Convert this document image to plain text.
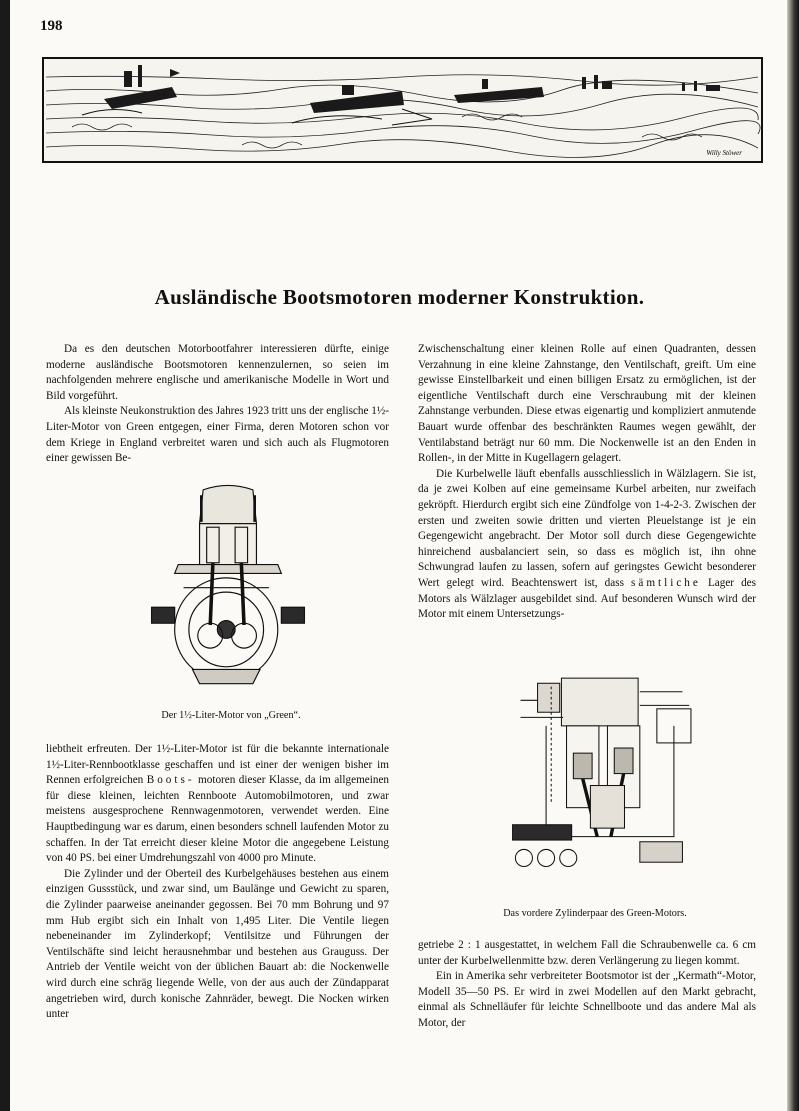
198
Willy Stöwer
Ausländische Bootsmotoren moderner Konstruktion.

Da es den deutschen Motorbootfahrer interessieren dürfte, einige moderne ausländische Bootsmotoren kennenzulernen, so seien im nachfolgenden mehrere englische und amerikanische Modelle in Wort und Bild vorgeführt.

Als kleinste Neukonstruktion des Jahres 1923 tritt uns der englische 1½-Liter-Motor von Green entgegen, einer Firma, deren Motoren schon vor dem Kriege in England verbreitet waren und sich auch als Flugmotoren einer gewissen Be-

Der 1½-Liter-Motor von „Green“.

liebtheit erfreuten. Der 1½-Liter-Motor ist für die bekannte internationale 1½-Liter-Rennbootklasse geschaffen und ist einer der wenigen bisher im Rennen erfolgreichen Boots- motoren dieser Klasse, da im allgemeinen für diese kleinen, leichten Rennboote Automobilmotoren, und zwar meistens ausgesprochene Rennwagenmotoren, verwendet werden. Eine Hauptbedingung war es darum, einen besonders schnell laufenden Motor zu schaffen. In der Tat erreicht dieser kleine Motor die angegebene Leistung von 40 PS. bei einer Umdrehungszahl von 4000 pro Minute.

Die Zylinder und der Oberteil des Kurbelgehäuses bestehen aus einem einzigen Gussstück, und zwar sind, um Baulänge und Gewicht zu sparen, die Zylinder paarweise aneinander gegossen. Bei 70 mm Bohrung und 97 mm Hub ergibt sich ein Inhalt von 1,495 Liter. Die Ventile liegen nebeneinander im Zylinderkopf; Ventilsitze und Führungen der Ventilschäfte sind leicht herausnehmbar und bestehen aus Grauguss. Der Antrieb der Ventile weicht von der üblichen Bauart ab: die Nockenwelle wird durch eine schräg liegende Welle, von der aus auch der Zündapparat angetrieben wird, durch konische Zahnräder, bewegt. Die Nocken wirken unter

Zwischenschaltung einer kleinen Rolle auf einen Quadranten, dessen Verzahnung in eine kleine Zahnstange, den Ventilschaft, greift. Um eine gewisse Einstellbarkeit und einen billigen Ersatz zu ermöglichen, ist der eigentliche Ventilschaft durch eine Verschraubung mit der kleinen Zahnstange verbunden. Diese etwas eigenartig und kompliziert anmutende Bauart wurde offenbar des beschränkten Raumes wegen gewählt, der Ventilabstand beträgt nur 60 mm. Die Nockenwelle ist an den Enden in Rollen-, in der Mitte in Kugellagern gelagert.

Die Kurbelwelle läuft ebenfalls ausschliesslich in Wälzlagern. Sie ist, da je zwei Kolben auf eine gemeinsame Kurbel arbeiten, nur zweifach gekröpft. Hierdurch ergibt sich eine Zündfolge von 1-4-2-3. Zwischen der ersten und zweiten sowie dritten und vierten Pleuelstange ist je ein Gegengewicht angebracht. Der Motor soll durch diese Gegengewichte hinreichend ausbalanciert sein, so dass es möglich ist, ihn ohne Schwungrad laufen zu lassen, sofern auf geringstes Gewicht besonderer Wert gelegt wird. Beachtenswert ist, dass sämtliche Lager des Motors als Wälzlager ausgebildet sind. Auf besonderen Wunsch wird der Motor mit einem Untersetzungs-

Das vordere Zylinderpaar des Green-Motors.

getriebe 2 : 1 ausgestattet, in welchem Fall die Schraubenwelle ca. 6 cm unter der Kurbelwellenmitte bzw. deren Verlängerung zu liegen kommt.

Ein in Amerika sehr verbreiteter Bootsmotor ist der „Kermath“-Motor, Modell 35—50 PS. Er wird in zwei Modellen auf den Markt gebracht, einmal als Schnelläufer für leichte Schnellboote und das andere Mal als Motor, der
